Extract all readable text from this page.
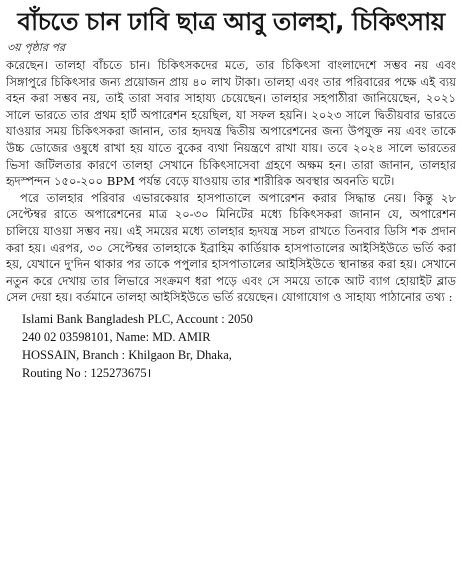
বাঁচতে চান ঢাবি ছাত্র আবু তালহা, চিকিৎসায়
৩য় পৃষ্ঠার পর

করেছেন। তালহা বাঁচতে চান। চিকিৎসকদের মতে, তার চিকিৎসা বাংলাদেশে সম্ভব নয় এবং সিঙ্গাপুরে চিকিৎসার জন্য প্রয়োজন প্রায় ৪০ লাখ টাকা। তালহা এবং তার পরিবারের পক্ষে এই ব্যয় বহন করা সম্ভব নয়, তাই তারা সবার সাহায্য চেয়েছেন। তালহার সহপাঠীরা জানিয়েছেন, ২০২১ সালে ভারতে তার প্রথম হার্ট অপারেশন হয়েছিল, যা সফল হয়নি। ২০২৩ সালে দ্বিতীয়বার ভারতে যাওয়ার সময় চিকিৎসকরা জানান, তার হৃদযন্ত্র দ্বিতীয় অপারেশনের জন্য উপযুক্ত নয় এবং তাকে উচ্চ ডোজের ওষুধে রাখা হয় যাতে বুকের ব্যথা নিয়ন্ত্রণে রাখা যায়। তবে ২০২৪ সালে ভারতের ভিসা জটিলতার কারণে তালহা সেখানে চিকিৎসাসেবা গ্রহণে অক্ষম হন। তারা জানান, তালহার হৃদস্পন্দন ১৫০-২০০ BPM পর্যন্ত বেড়ে যাওয়ায় তার শারীরিক অবস্থার অবনতি ঘটে।

পরে তালহার পরিবার এভারকেয়ার হাসপাতালে অপারেশন করার সিদ্ধান্ত নেয়। কিন্তু ২৮ সেপ্টেম্বর রাতে অপারেশনের মাত্র ২০-৩০ মিনিটের মধ্যে চিকিৎসকরা জানান যে, অপারেশন চালিয়ে যাওয়া সম্ভব নয়। এই সময়ের মধ্যে তালহার হৃদযন্ত্র সচল রাখতে তিনবার ডিসি শক প্রদান করা হয়। এরপর, ৩০ সেপ্টেম্বর তালহাকে ইব্রাহিম কার্ডিয়াক হাসপাতালের আইসিইউতে ভর্তি করা হয়, যেখানে দু'দিন থাকার পর তাকে পপুলার হাসপাতালের আইসিইউতে স্থানান্তর করা হয়। সেখানে নতুন করে দেখায় তার লিভারে সংক্রমণ ধরা পড়ে এবং সে সময়ে তাকে আট ব্যাগ হোয়াইট ব্লাড সেল দেয়া হয়। বর্তমানে তালহা আইসিইউতে ভর্তি রয়েছেন। যোগাযোগ ও সাহায্য পাঠানোর তথ্য :

Islami Bank Bangladesh PLC, Account : 2050
240 02 03598101, Name: MD. AMIR
HOSSAIN, Branch : Khilgaon Br, Dhaka,
Routing No : 125273675।
